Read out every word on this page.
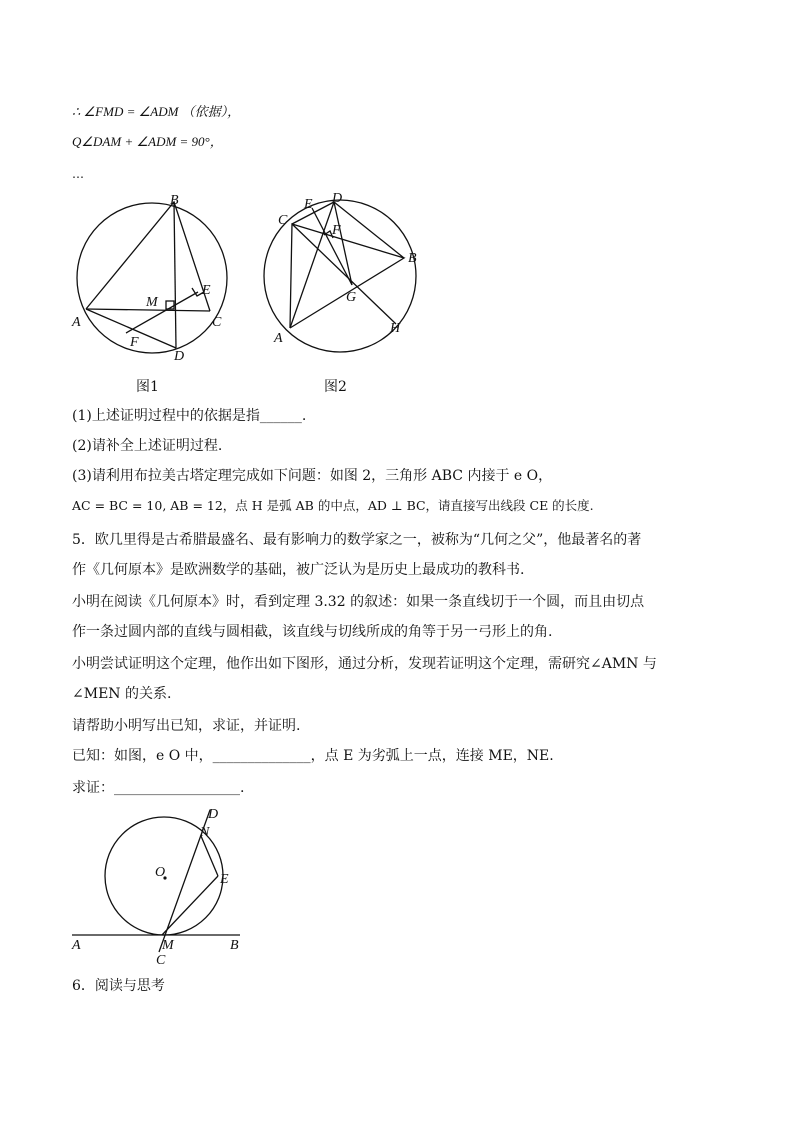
∴ ∠FMD = ∠ADM （依据），
Q∠DAM + ∠ADM = 90°，
…
B
A	C
D
E
F
M
图1
E D
C
F
B
G
A
H
图2
(1)上述证明过程中的依据是指______.
(2)请补全上述证明过程.
(3)请利用布拉美古塔定理完成如下问题：如图 2，三角形 ABC 内接于 e O，
AC = BC = 10, AB = 12，点 H 是弧 AB 的中点，AD ⊥ BC，请直接写出线段 CE 的长度.
5．欧几里得是古希腊最盛名、最有影响力的数学家之一，被称为“几何之父”，他最著名的著
作《几何原本》是欧洲数学的基础，被广泛认为是历史上最成功的教科书.
小明在阅读《几何原本》时，看到定理 3.32 的叙述：如果一条直线切于一个圆，而且由切点
作一条过圆内部的直线与圆相截，该直线与切线所成的角等于另一弓形上的角.
小明尝试证明这个定理，他作出如下图形，通过分析，发现若证明这个定理，需研究∠AMN 与
∠MEN 的关系.
请帮助小明写出已知，求证，并证明.
已知：如图，e O 中，______________，点 E 为劣弧上一点，连接 ME，NE.
求证：__________________.
D
N
O	E
A	M	B
C
6．阅读与思考
